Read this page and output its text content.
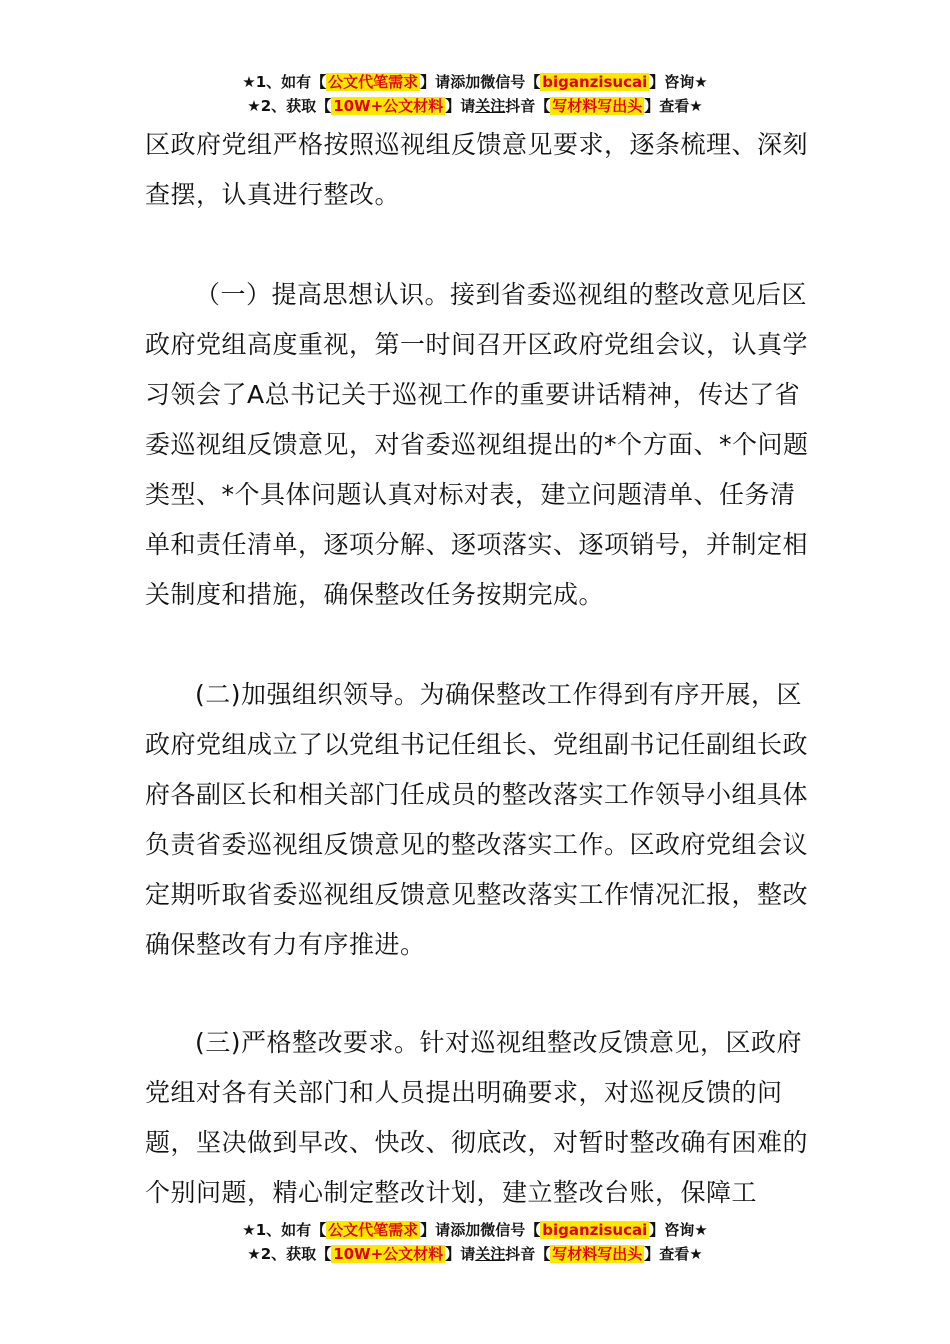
★1、如有【 公文代笔需求 】请添加微信号【 biganzisucai 】咨询★
★2、获取【 10W+公文材料 】请关注抖音【 写材料写出头 】查看★

区政府党组严格按照巡视组反馈意见要求，逐条梳理、深刻查摆，认真进行整改。

（一）提高思想认识。接到省委巡视组的整改意见后区政府党组高度重视，第一时间召开区政府党组会议，认真学习领会了A总书记关于巡视工作的重要讲话精神，传达了省委巡视组反馈意见，对省委巡视组提出的*个方面、*个问题类型、*个具体问题认真对标对表，建立问题清单、任务清单和责任清单，逐项分解、逐项落实、逐项销号，并制定相关制度和措施，确保整改任务按期完成。

(二)加强组织领导。为确保整改工作得到有序开展，区政府党组成立了以党组书记任组长、党组副书记任副组长政府各副区长和相关部门任成员的整改落实工作领导小组具体负责省委巡视组反馈意见的整改落实工作。区政府党组会议定期听取省委巡视组反馈意见整改落实工作情况汇报，整改确保整改有力有序推进。

(三)严格整改要求。针对巡视组整改反馈意见，区政府党组对各有关部门和人员提出明确要求，对巡视反馈的问题，坚决做到早改、快改、彻底改，对暂时整改确有困难的个别问题，精心制定整改计划，建立整改台账，保障工

★1、如有【 公文代笔需求 】请添加微信号【 biganzisucai 】咨询★
★2、获取【 10W+公文材料 】请关注抖音【 写材料写出头 】查看★
